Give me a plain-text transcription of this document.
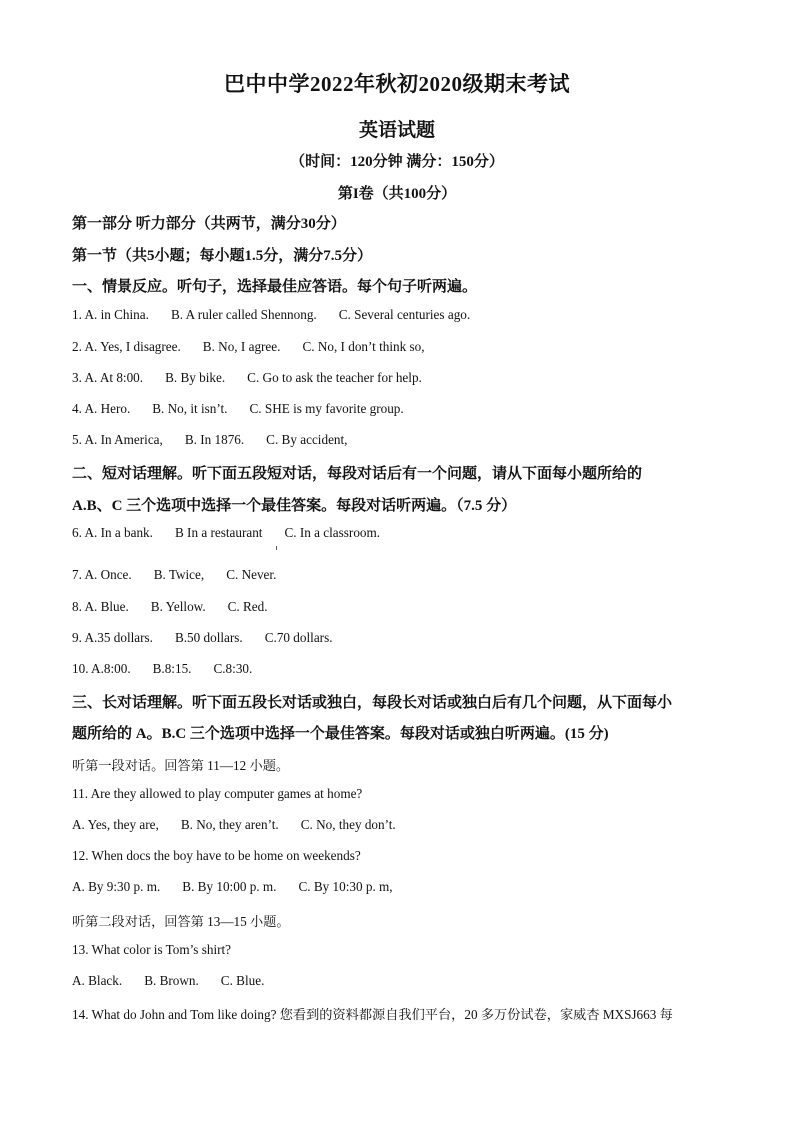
巴中中学2022年秋初2020级期末考试
英语试题
（时间：120分钟 满分：150分）
第I卷（共100分）
第一部分 听力部分（共两节，满分30分）
第一节（共5小题；每小题1.5分，满分7.5分）
一、情景反应。听句子，选择最佳应答语。每个句子听两遍。
1. A. in China. B. A ruler called Shennong. C. Several centuries ago.
2. A. Yes, I disagree. B. No, I agree. C. No, I don’t think so,
3. A. At 8:00. B. By bike. C. Go to ask the teacher for help.
4. A. Hero. B. No, it isn’t. C. SHE is my favorite group.
5. A. In America, B. In 1876. C. By accident,
二、短对话理解。听下面五段短对话，每段对话后有一个问题，请从下面每小题所给的
A.B、C 三个选项中选择一个最佳答案。每段对话听两遍。（7.5 分）
6. A. In a bank. B In a restaurant C. In a classroom.
7. A. Once. B. Twice, C. Never.
8. A. Blue. B. Yellow. C. Red.
9. A.35 dollars. B.50 dollars. C.70 dollars.
10. A.8:00. B.8:15. C.8:30.
三、长对话理解。听下面五段长对话或独白，每段长对话或独白后有几个问题，从下面每小
题所给的 A。B.C 三个选项中选择一个最佳答案。每段对话或独白听两遍。(15 分)
听第一段对话。回答第 11—12 小题。
11. Are they allowed to play computer games at home?
A. Yes, they are, B. No, they aren’t. C. No, they don’t.
12. When docs the boy have to be home on weekends?
A. By 9:30 p. m. B. By 10:00 p. m. C. By 10:30 p. m,
听第二段对话，回答第 13—15 小题。
13. What color is Tom’s shirt?
A. Black. B. Brown. C. Blue.
14. What do John and Tom like doing? 您看到的资料都源自我们平台，20 多万份试卷，家威杏 MXSJ663 每
